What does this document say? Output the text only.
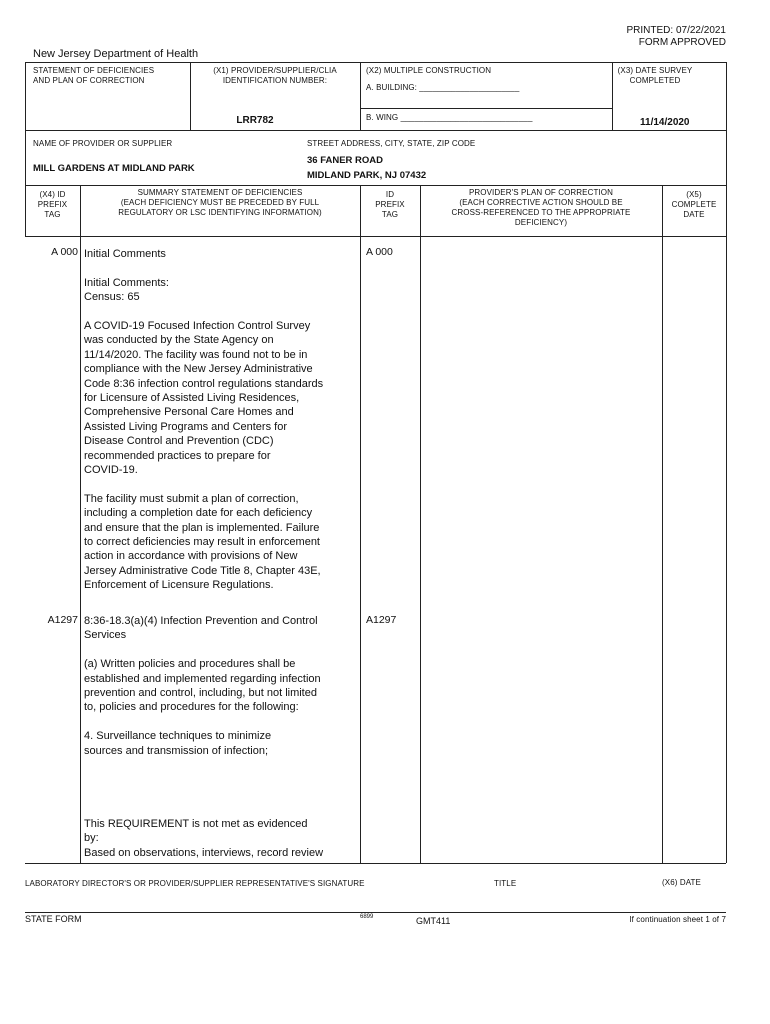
PRINTED: 07/22/2021
FORM APPROVED
New Jersey Department of Health
STATEMENT OF DEFICIENCIES
AND PLAN OF CORRECTION
(X1) PROVIDER/SUPPLIER/CLIA
IDENTIFICATION NUMBER:
LRR782
(X2) MULTIPLE CONSTRUCTION
A. BUILDING: ______________________
B. WING _____________________________
(X3) DATE SURVEY
COMPLETED
11/14/2020
NAME OF PROVIDER OR SUPPLIER
MILL GARDENS AT MIDLAND PARK
STREET ADDRESS, CITY, STATE, ZIP CODE
36 FANER ROAD
MIDLAND PARK, NJ 07432
(X4) ID
PREFIX
TAG
SUMMARY STATEMENT OF DEFICIENCIES
(EACH DEFICIENCY MUST BE PRECEDED BY FULL
REGULATORY OR LSC IDENTIFYING INFORMATION)
ID
PREFIX
TAG
PROVIDER'S PLAN OF CORRECTION
(EACH CORRECTIVE ACTION SHOULD BE
CROSS-REFERENCED TO THE APPROPRIATE
DEFICIENCY)
(X5)
COMPLETE
DATE
A 000	A 000

Initial Comments

Initial Comments:
Census: 65

A COVID-19 Focused Infection Control Survey
was conducted by the State Agency on
11/14/2020. The facility was found not to be in
compliance with the New Jersey Administrative
Code 8:36 infection control regulations standards
for Licensure of Assisted Living Residences,
Comprehensive Personal Care Homes and
Assisted Living Programs and Centers for
Disease Control and Prevention (CDC)
recommended practices to prepare for
COVID-19.

The facility must submit a plan of correction,
including a completion date for each deficiency
and ensure that the plan is implemented. Failure
to correct deficiencies may result in enforcement
action in accordance with provisions of New
Jersey Administrative Code Title 8, Chapter 43E,
Enforcement of Licensure Regulations.

A1297	A1297

8:36-18.3(a)(4) Infection Prevention and Control
Services

(a) Written policies and procedures shall be
established and implemented regarding infection
prevention and control, including, but not limited
to, policies and procedures for the following:

4. Surveillance techniques to minimize
sources and transmission of infection;

This REQUIREMENT is not met as evidenced
by:
Based on observations, interviews, record review

LABORATORY DIRECTOR'S OR PROVIDER/SUPPLIER REPRESENTATIVE'S SIGNATURE	TITLE	(X6) DATE
STATE FORM	6899	GMT411	If continuation sheet 1 of 7
